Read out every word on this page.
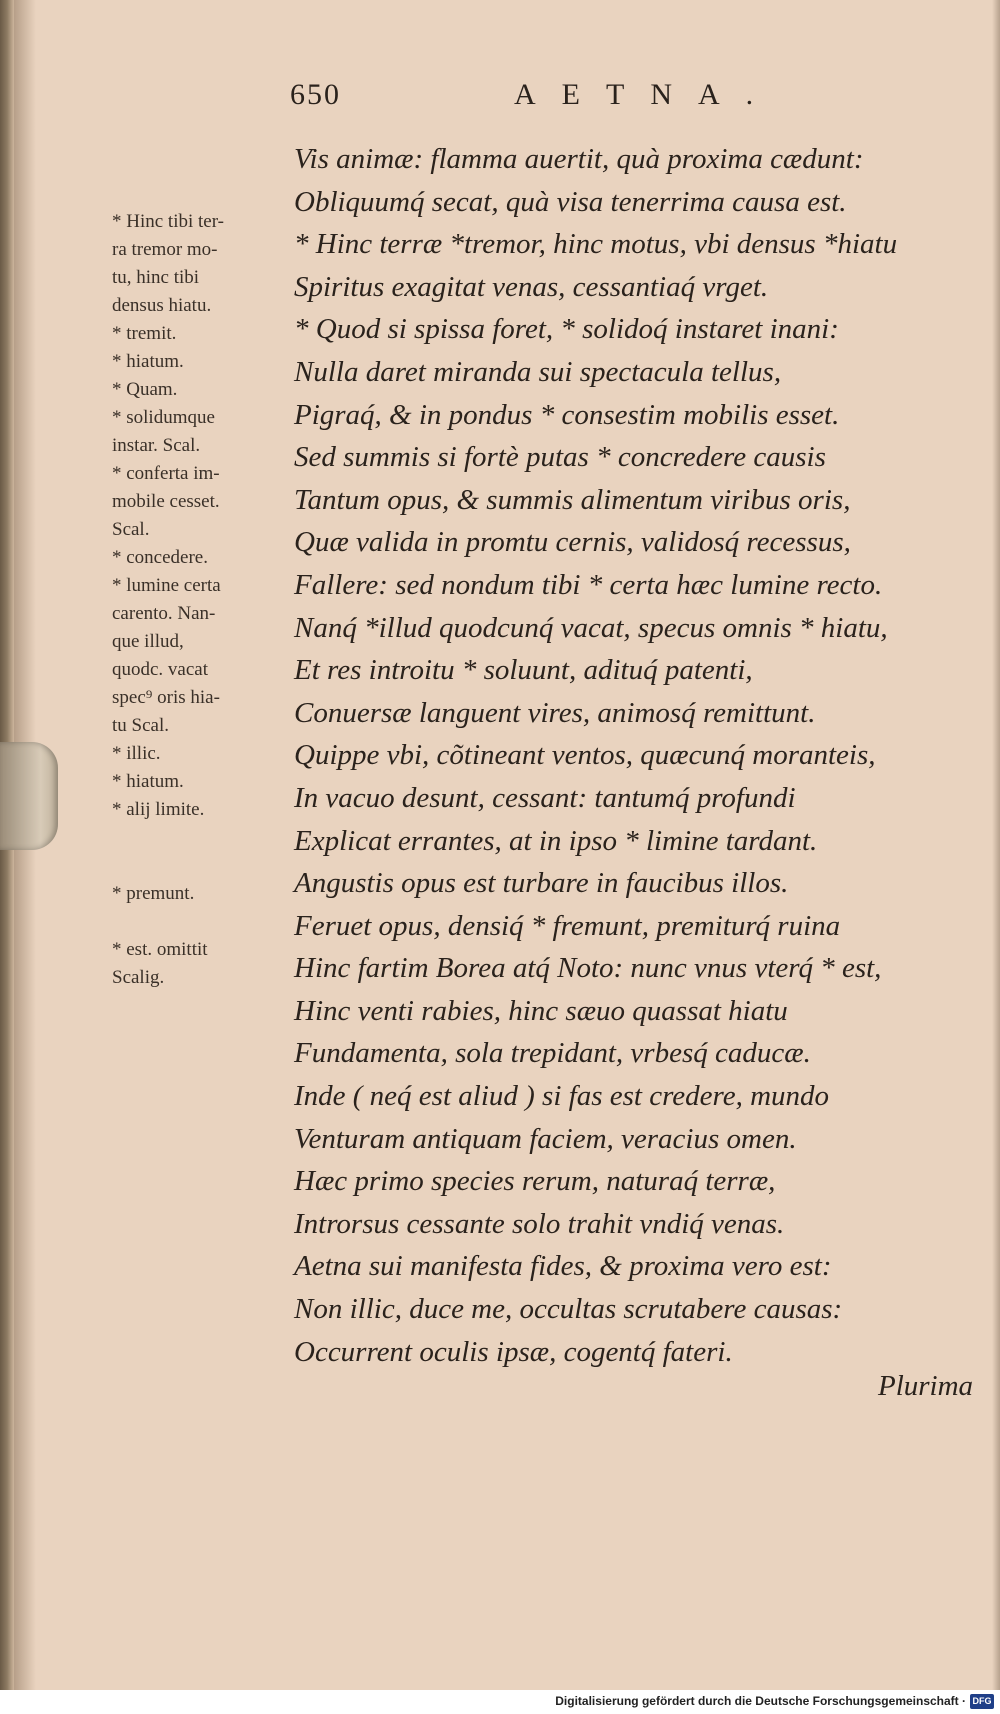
650	AETNA.
* Hinc tibi ter-
ra tremor mo-
tu, hinc tibi
densus hiatu.
* tremit.
* hiatum.
* Quam.
* solidumque
instar. Scal.
* conferta im-
mobile cesset.
Scal.
* concedere.
* lumine certa
carento. Nan-
que illud,
quodc. vacat
spec⁹ oris hia-
tu Scal.
* illic.
* hiatum.
* alij limite.
* premunt.
* est. omittit
Scalig.
Vis animæ: flamma auertit, quà proxima cædunt:
Obliquumq́ secat, quà visa tenerrima causa est.
* Hinc terræ *tremor, hinc motus, vbi densus *hiatu
Spiritus exagitat venas, cessantiaq́ vrget.
* Quod si spissa foret, * solidoq́ instaret inani:
Nulla daret miranda sui spectacula tellus,
Pigraq́, & in pondus * consestim mobilis esset.
Sed summis si fortè putas * concredere causis
Tantum opus, & summis alimentum viribus oris,
Quæ valida in promtu cernis, validosq́ recessus,
Fallere: sed nondum tibi * certa hæc lumine recto.
Nanq́ *illud quodcunq́ vacat, specus omnis * hiatu,
Et res introitu * soluunt, adituq́ patenti,
Conuersæ languent vires, animosq́ remittunt.
Quippe vbi, cõtineant ventos, quæcunq́ moranteis,
In vacuo desunt, cessant: tantumq́ profundi
Explicat errantes, at in ipso * limine tardant.
Angustis opus est turbare in faucibus illos.
Feruet opus, densiq́ * fremunt, premiturq́ ruina
Hinc fartim Borea atq́ Noto: nunc vnus vterq́ * est,
Hinc venti rabies, hinc sæuo quassat hiatu
Fundamenta, sola trepidant, vrbesq́ caducæ.
Inde ( neq́ est aliud ) si fas est credere, mundo
Venturam antiquam faciem, veracius omen.
Hæc primo species rerum, naturaq́ terræ,
Introrsus cessante solo trahit vndiq́ venas.
Aetna sui manifesta fides, & proxima vero est:
Non illic, duce me, occultas scrutabere causas:
Occurrent oculis ipsæ, cogentq́ fateri.
Plurima
Digitalisierung gefördert durch die Deutsche Forschungsgemeinschaft · DFG
